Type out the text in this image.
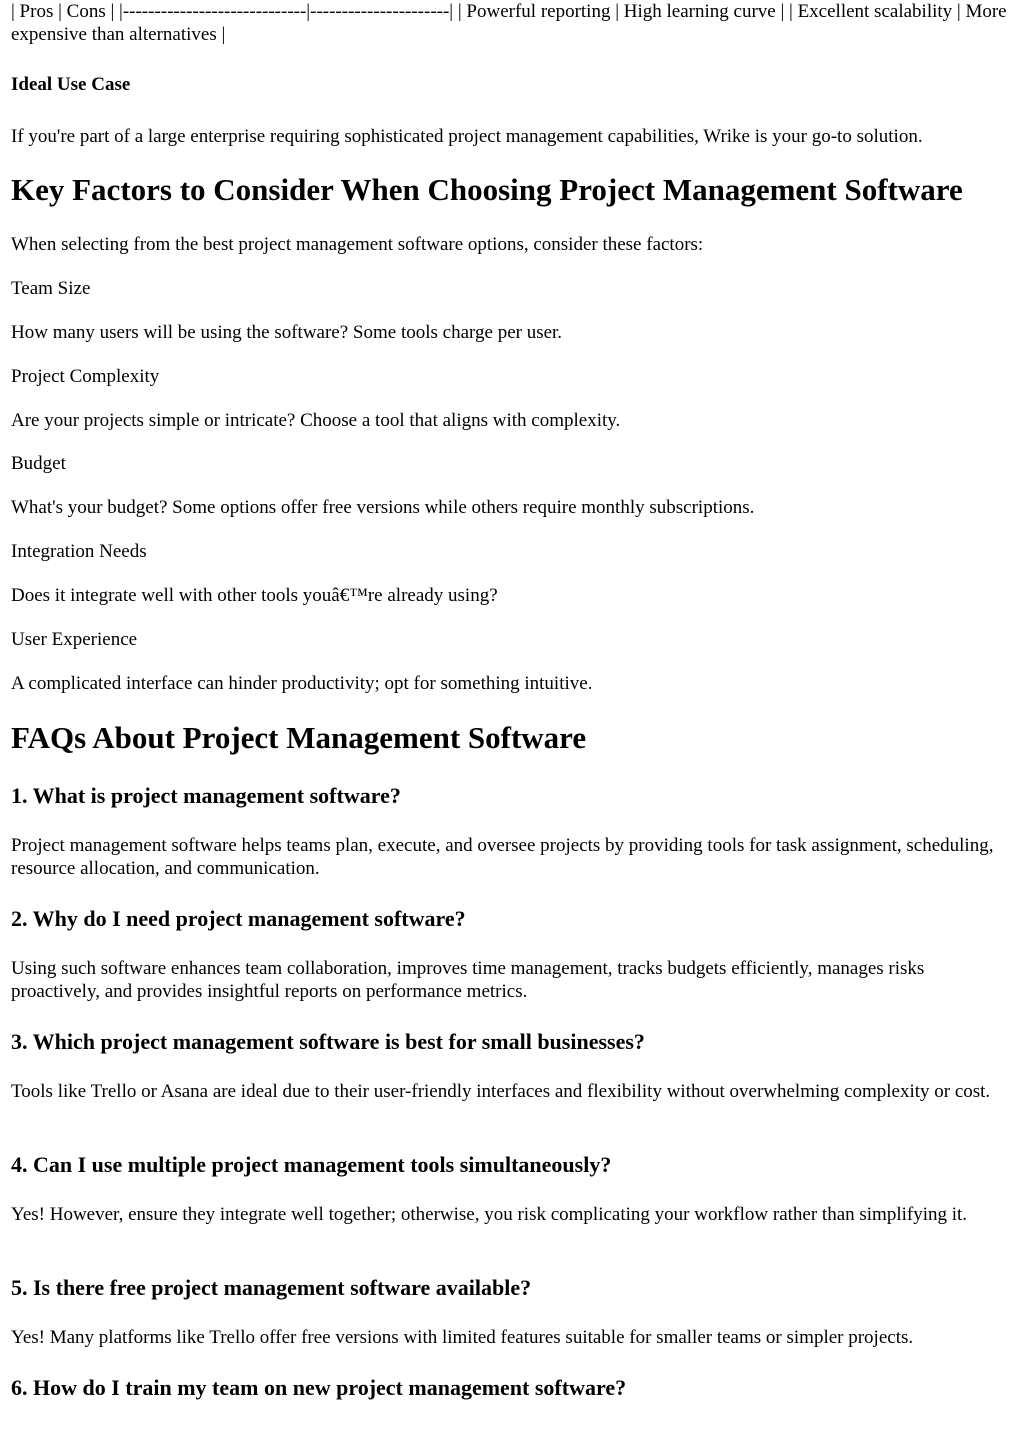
| Pros | Cons | |-----------------------------|----------------------| | Powerful reporting | High learning curve | | Excellent scalability | More expensive than alternatives |

Ideal Use Case

If you're part of a large enterprise requiring sophisticated project management capabilities, Wrike is your go-to solution.

Key Factors to Consider When Choosing Project Management Software

When selecting from the best project management software options, consider these factors:

Team Size

How many users will be using the software? Some tools charge per user.

Project Complexity

Are your projects simple or intricate? Choose a tool that aligns with complexity.

Budget

What's your budget? Some options offer free versions while others require monthly subscriptions.

Integration Needs

Does it integrate well with other tools youâ€™re already using?

User Experience

A complicated interface can hinder productivity; opt for something intuitive.

FAQs About Project Management Software
1. What is project management software?

Project management software helps teams plan, execute, and oversee projects by providing tools for task assignment, scheduling, resource allocation, and communication.

2. Why do I need project management software?

Using such software enhances team collaboration, improves time management, tracks budgets efficiently, manages risks proactively, and provides insightful reports on performance metrics.

3. Which project management software is best for small businesses?

Tools like Trello or Asana are ideal due to their user-friendly interfaces and flexibility without overwhelming complexity or cost.

4. Can I use multiple project management tools simultaneously?

Yes! However, ensure they integrate well together; otherwise, you risk complicating your workflow rather than simplifying it.

5. Is there free project management software available?

Yes! Many platforms like Trello offer free versions with limited features suitable for smaller teams or simpler projects.

6. How do I train my team on new project management software?
